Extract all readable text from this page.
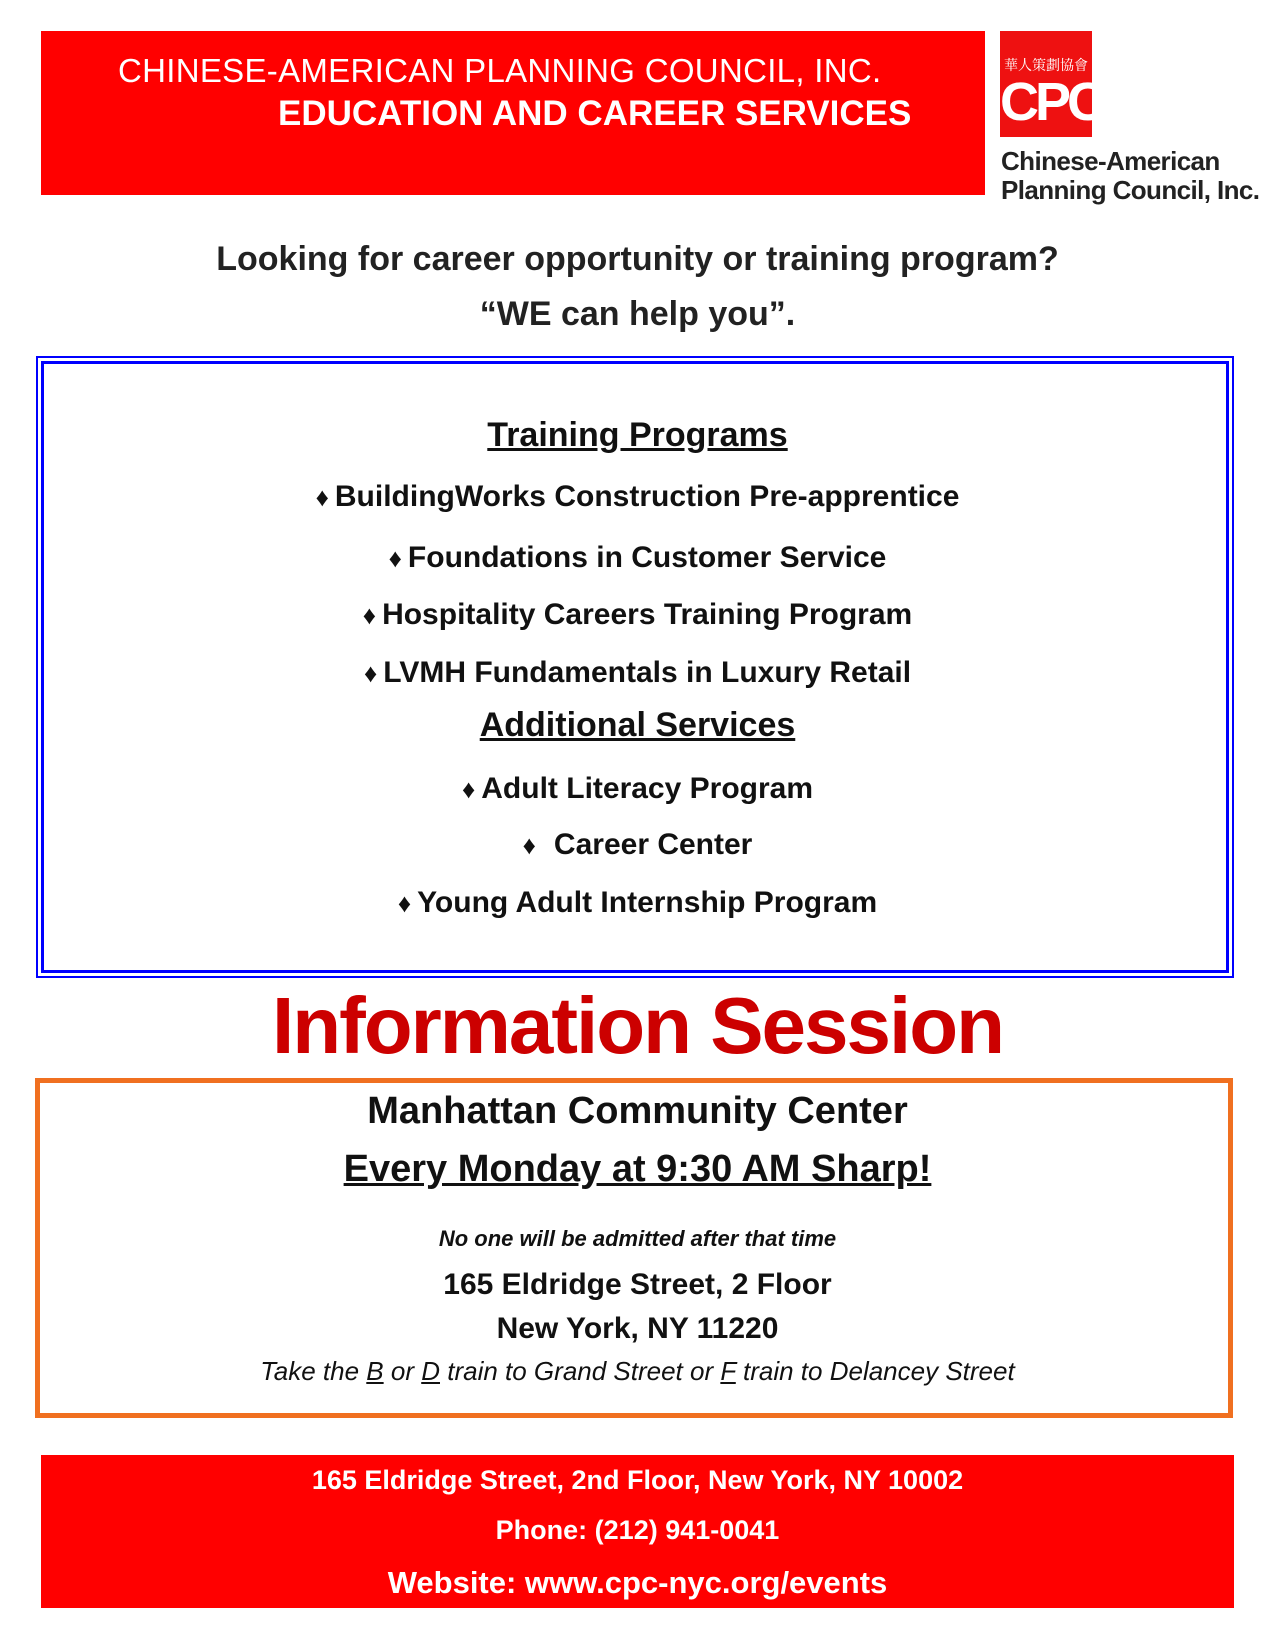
CHINESE-AMERICAN PLANNING COUNCIL, INC.
EDUCATION AND CAREER SERVICES
華人策劃協會
CPC
Chinese-American
Planning Council, Inc.
Looking for career opportunity or training program?
“WE can help you”.
Training Programs
♦ BuildingWorks Construction Pre-apprentice
♦ Foundations in Customer Service
♦ Hospitality Careers Training Program
♦ LVMH Fundamentals in Luxury Retail
Additional Services
♦ Adult Literacy Program
♦ Career Center
♦ Young Adult Internship Program
Information Session
Manhattan Community Center
Every Monday at 9:30 AM Sharp!
No one will be admitted after that time
165 Eldridge Street, 2 Floor
New York, NY 11220
Take the B or D train to Grand Street or F train to Delancey Street
165 Eldridge Street, 2nd Floor, New York, NY 10002
Phone: (212) 941-0041
Website: www.cpc-nyc.org/events
